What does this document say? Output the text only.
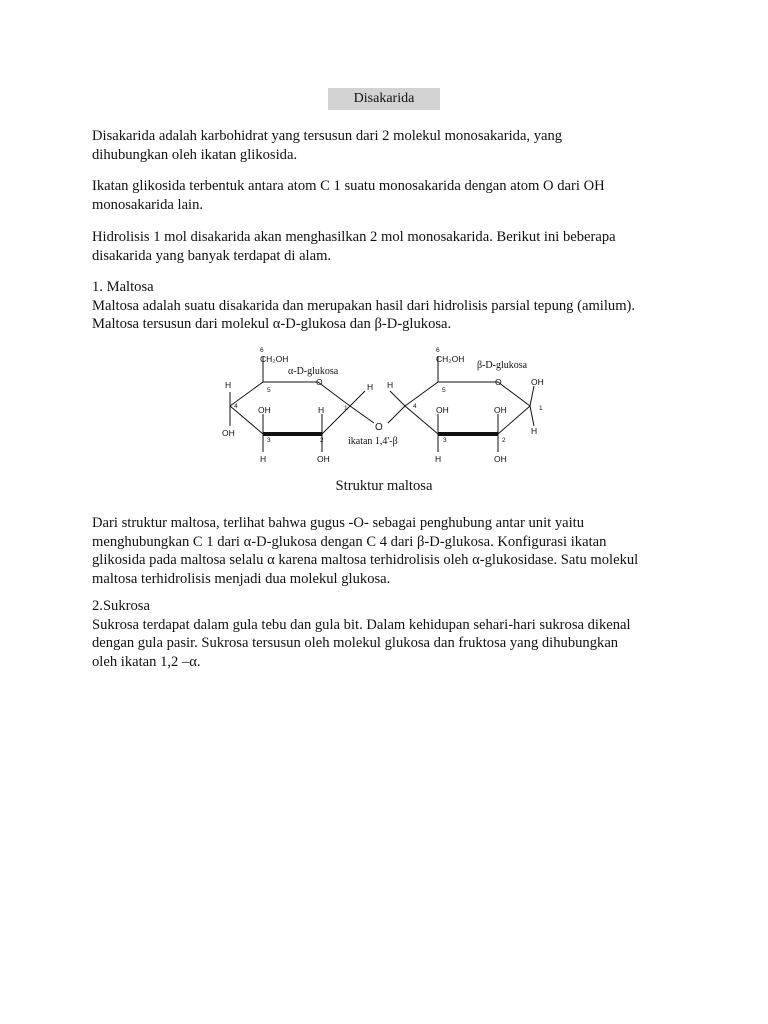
Disakarida

Disakarida adalah karbohidrat yang tersusun dari 2 molekul monosakarida, yang

dihubungkan oleh ikatan glikosida.

Ikatan glikosida terbentuk antara atom C 1 suatu monosakarida dengan atom O dari OH

monosakarida lain.

Hidrolisis 1 mol disakarida akan menghasilkan 2 mol monosakarida. Berikut ini beberapa

disakarida yang banyak terdapat di alam.

1. Maltosa

Maltosa adalah suatu disakarida dan merupakan hasil dari hidrolisis parsial tepung (amilum).

Maltosa tersusun dari molekul α-D-glukosa dan β-D-glukosa.

6
CH₂OH
α-D-glukosa
O
5
H
4 OH	H	1
H
OH
3	2
H	OH
O
ikatan 1,4'-β
6
CH₂OH
β-D-glukosa
O
5
H
4 OH	OH
OH
1
H
3	2
H	OH
Struktur maltosa

Dari struktur maltosa, terlihat bahwa gugus -O- sebagai penghubung antar unit yaitu

menghubungkan C 1 dari α-D-glukosa dengan C 4 dari β-D-glukosa. Konfigurasi ikatan

glikosida pada maltosa selalu α karena maltosa terhidrolisis oleh α-glukosidase. Satu molekul

maltosa terhidrolisis menjadi dua molekul glukosa.

2.Sukrosa

Sukrosa terdapat dalam gula tebu dan gula bit. Dalam kehidupan sehari-hari sukrosa dikenal

dengan gula pasir. Sukrosa tersusun oleh molekul glukosa dan fruktosa yang dihubungkan

oleh ikatan 1,2 –α.
